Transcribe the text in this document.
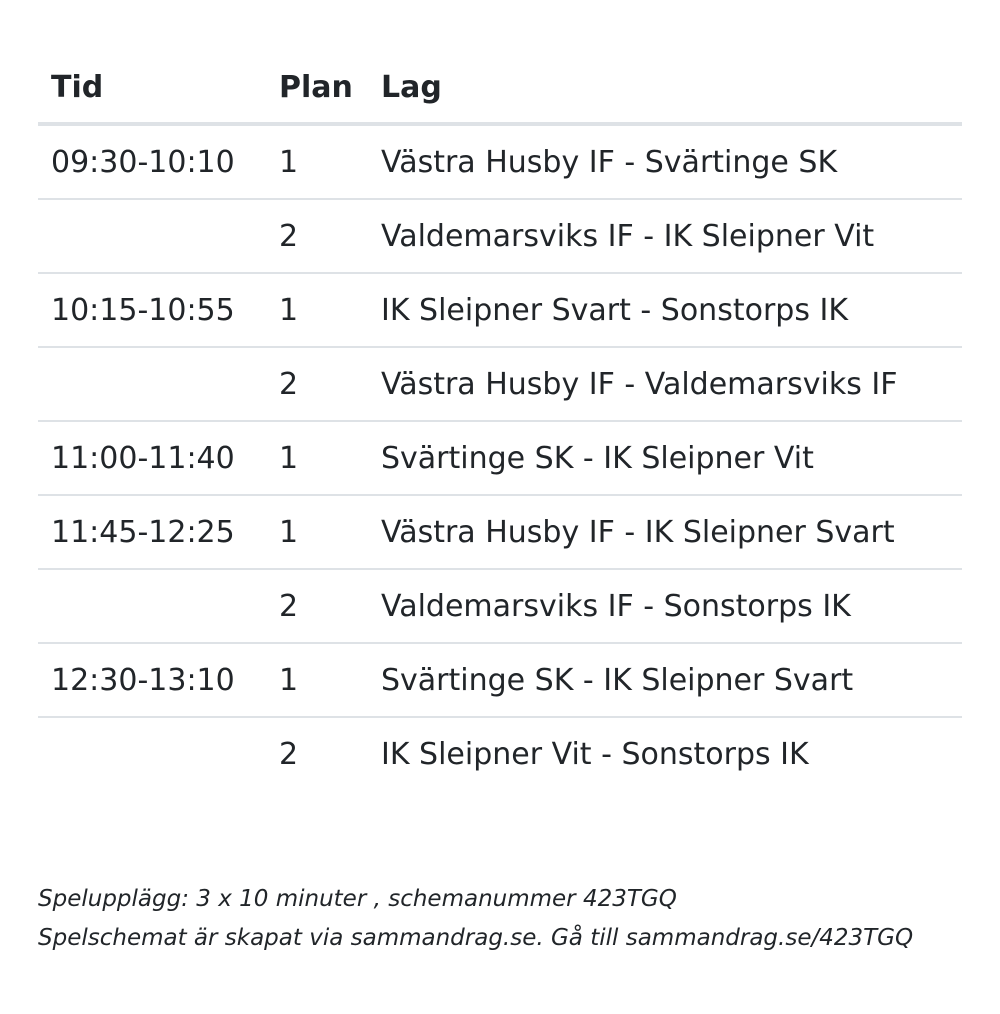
Tid	Plan	Lag
09:30-10:10	1	Västra Husby IF - Svärtinge SK
	2	Valdemarsviks IF - IK Sleipner Vit
10:15-10:55	1	IK Sleipner Svart - Sonstorps IK
	2	Västra Husby IF - Valdemarsviks IF
11:00-11:40	1	Svärtinge SK - IK Sleipner Vit
11:45-12:25	1	Västra Husby IF - IK Sleipner Svart
	2	Valdemarsviks IF - Sonstorps IK
12:30-13:10	1	Svärtinge SK - IK Sleipner Svart
	2	IK Sleipner Vit - Sonstorps IK
Spelupplägg: 3 x 10 minuter , schemanummer 423TGQ
Spelschemat är skapat via sammandrag.se. Gå till sammandrag.se/423TGQ
